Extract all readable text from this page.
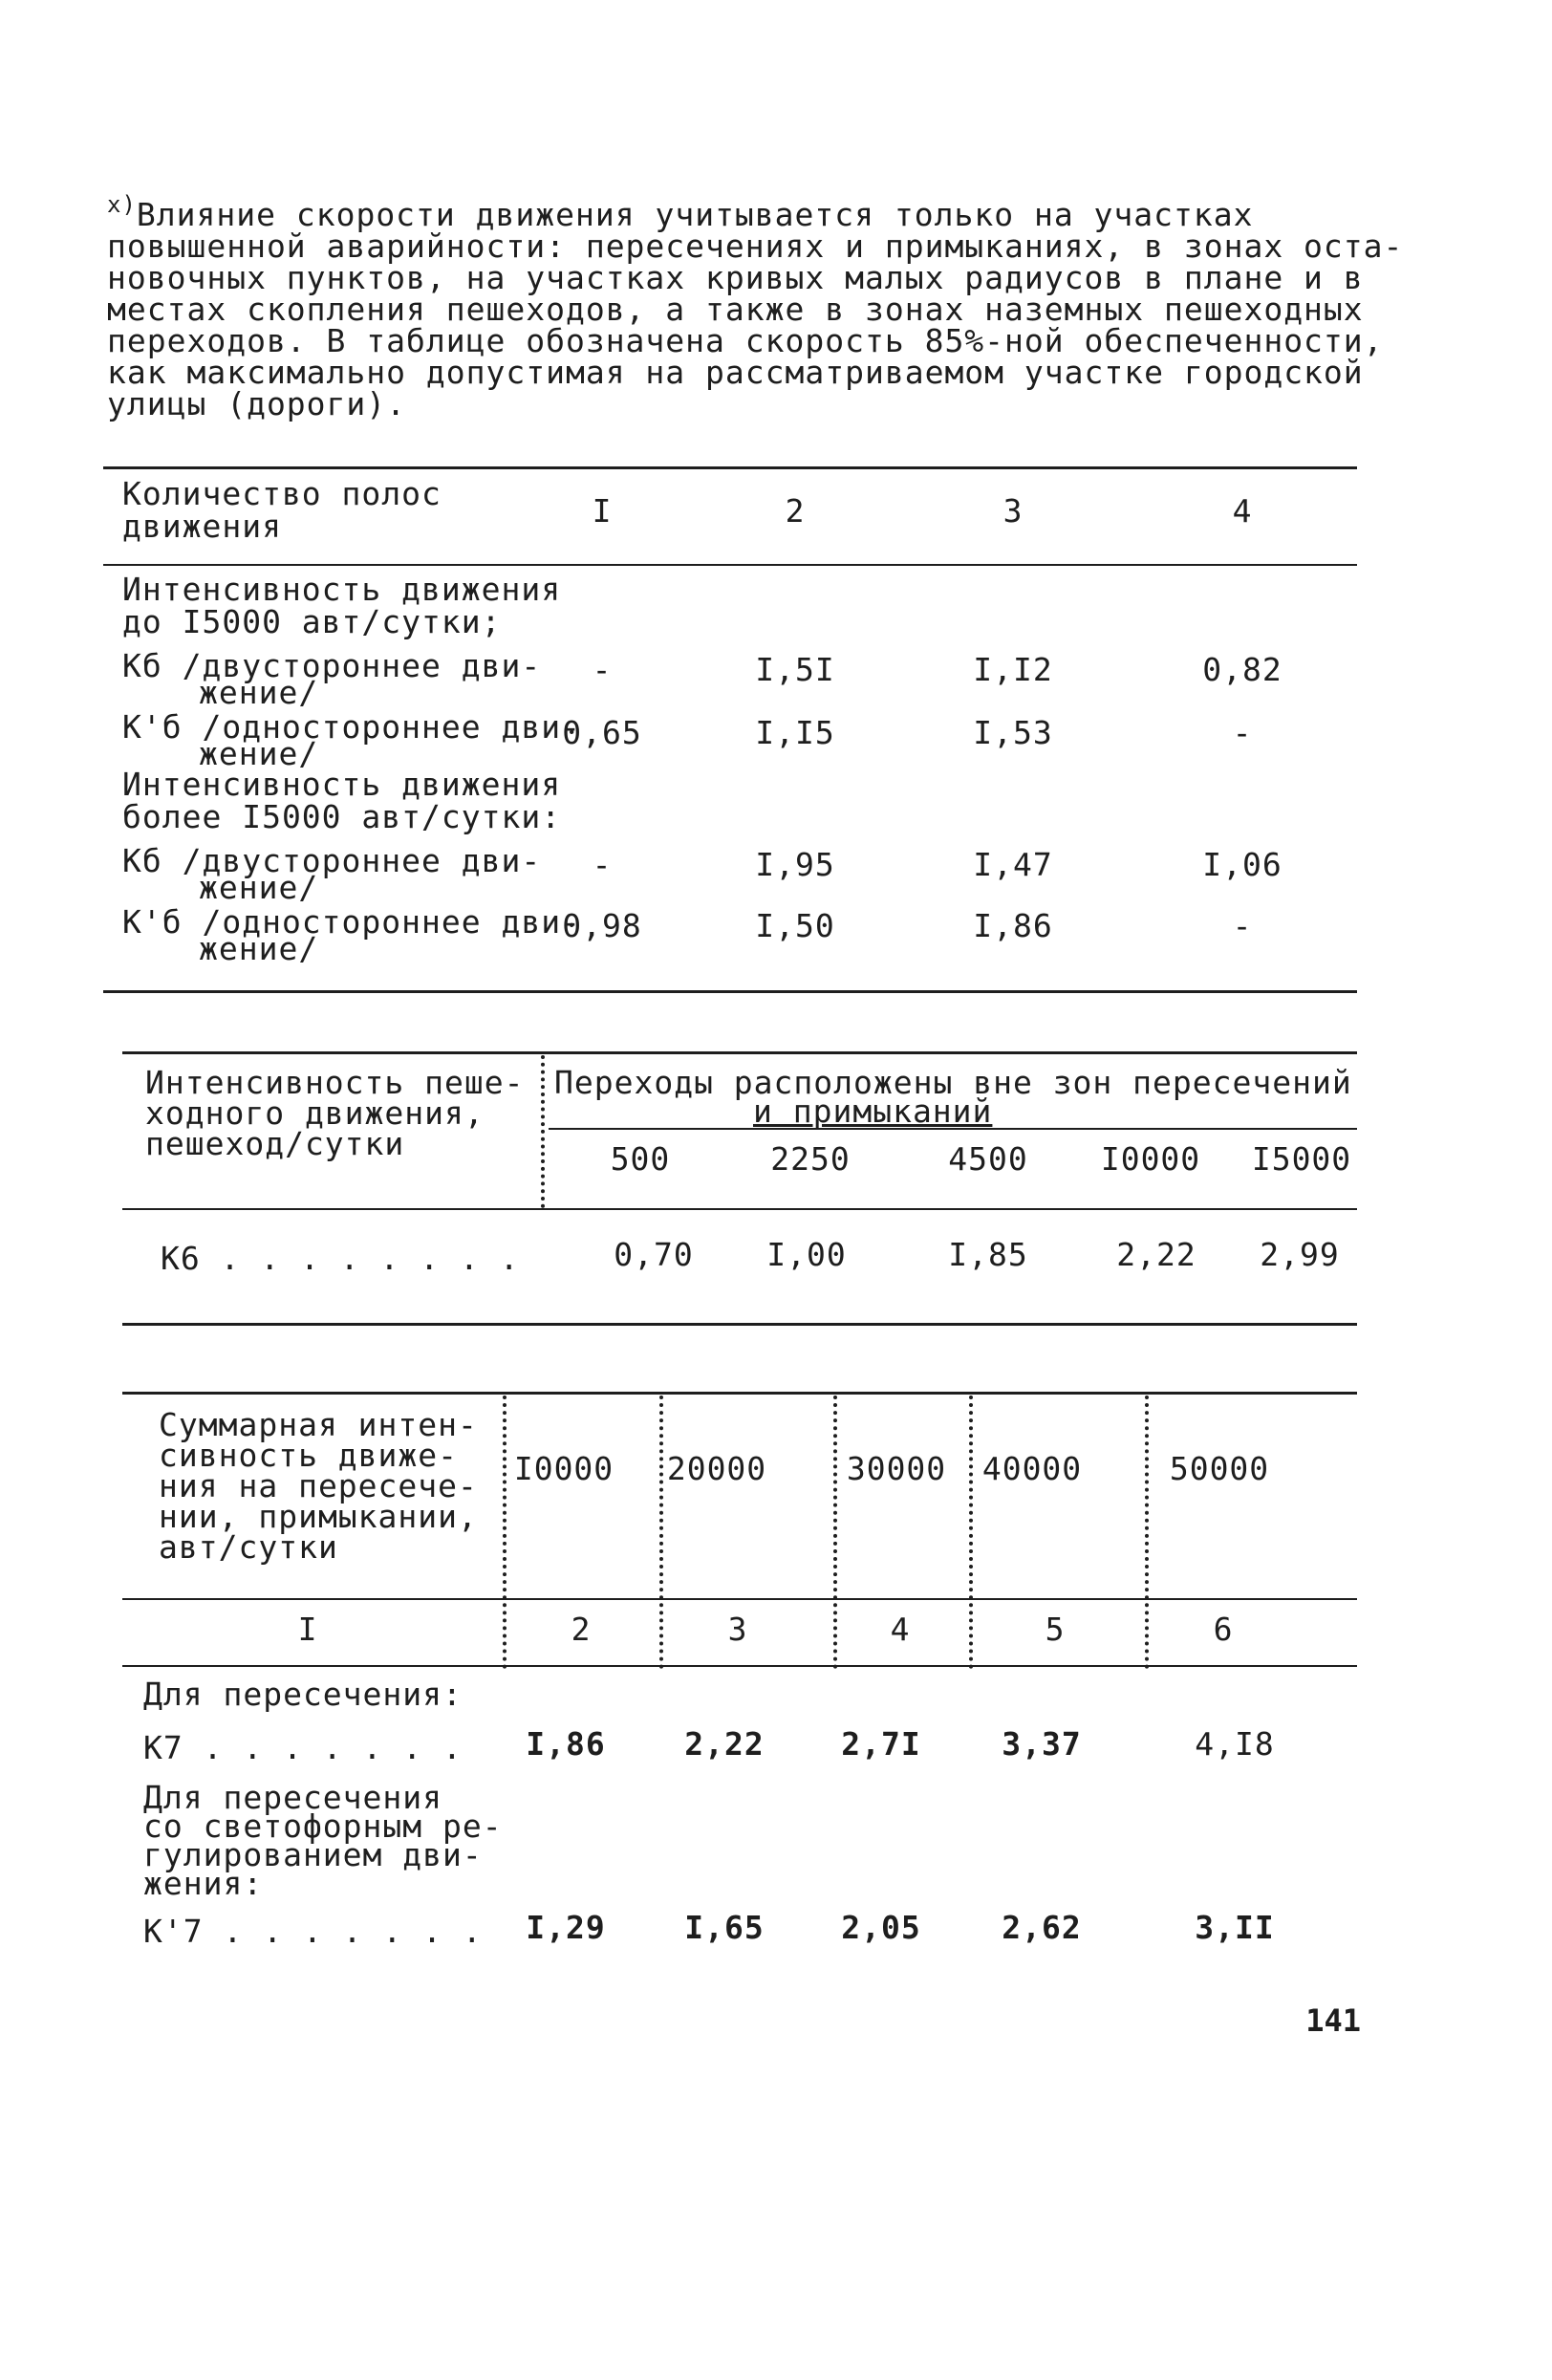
$^{х)}$Влияние скорости движения учитывается только на участках
повышенной аварийности: пересечениях и примыканиях, в зонах оста-
новочных пунктов, на участках кривых малых радиусов в плане и в
местах скопления пешеходов, а также в зонах наземных пешеходных
переходов. В таблице обозначена скорость 85%-ной обеспеченности,
как максимально допустимая на рассматриваемом участке городской
улицы (дороги).
Количество полос
движения	I	2	3	4
Интенсивность движения
до I5000 авт/сутки;
Кб /двустороннее дви-
жение/
-	I,5I	I,I2	0,82
К'б /одностороннее дви-
жение/
0,65	I,I5	I,53	-
Интенсивность движения
более I5000 авт/сутки:
Кб /двустороннее дви-
жение/
-	I,95	I,47	I,06
К'б /одностороннее дви-
жение/
0,98	I,50	I,86	-
Интенсивность пеше-
ходного движения,
пешеход/сутки
Переходы расположены вне зон пересечений
и примыканий
500	2250	4500	I0000	I5000
К6 . . . . . . . .	0,70	I,00	I,85	2,22	2,99
Суммарная интен-
сивность движе-
ния на пересече-
нии, примыкании,
авт/сутки
I0000	20000	30000	40000	50000
I	2	3	4	5	6
Для пересечения:
К7 . . . . . . .	I,86	2,22	2,7I	3,37	4,I8
Для пересечения
со светофорным ре-
гулированием дви-
жения:
К'7 . . . . . . .	I,29	I,65	2,05	2,62	3,II
141
